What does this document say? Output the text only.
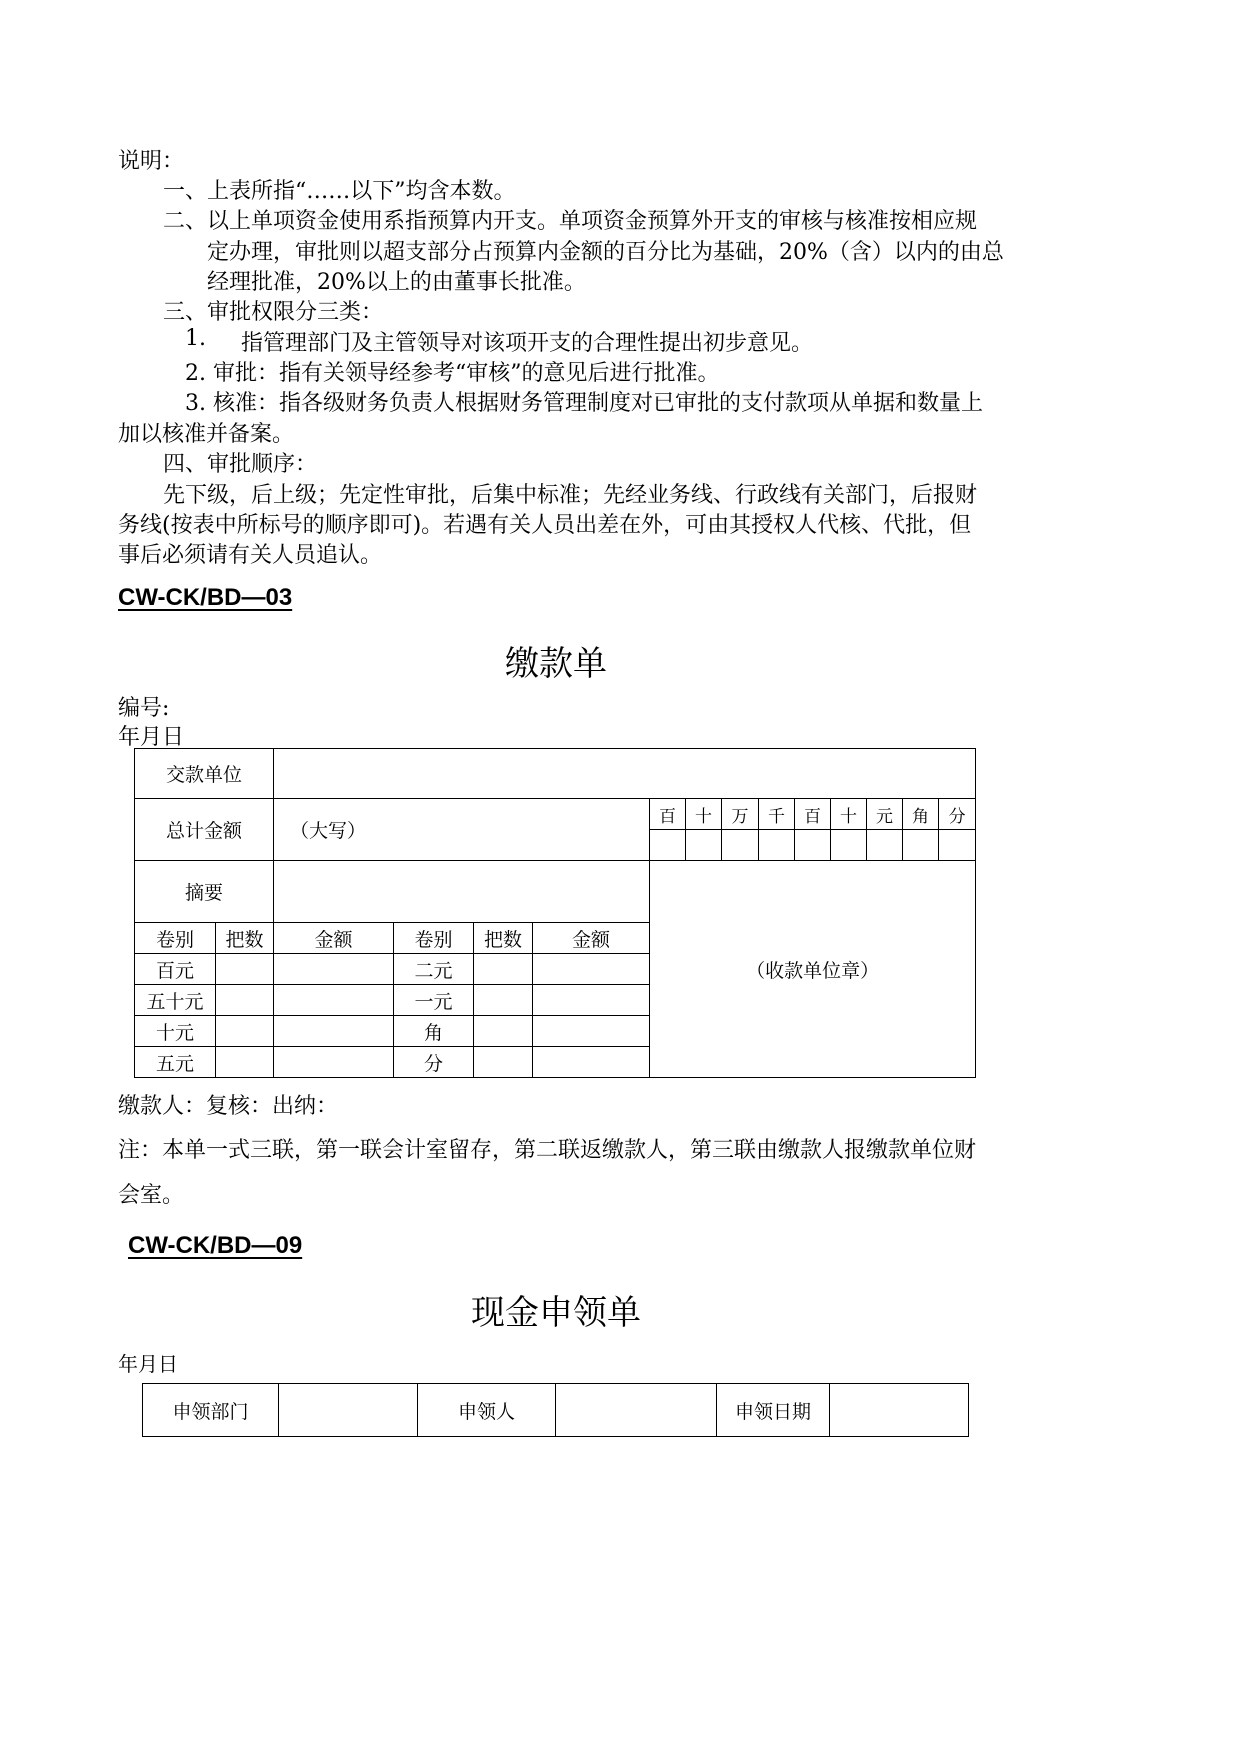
说明：
一、上表所指“……以下”均含本数。
二、以上单项资金使用系指预算内开支。单项资金预算外开支的审核与核准按相应规
定办理，审批则以超支部分占预算内金额的百分比为基础，20%（含）以内的由总
经理批准，20%以上的由董事长批准。
三、审批权限分三类：
1. 指管理部门及主管领导对该项开支的合理性提出初步意见。
2. 审批：指有关领导经参考“审核”的意见后进行批准。
3. 核准：指各级财务负责人根据财务管理制度对已审批的支付款项从单据和数量上
加以核准并备案。
四、审批顺序：
先下级，后上级；先定性审批，后集中标准；先经业务线、行政线有关部门，后报财
务线(按表中所标号的顺序即可)。若遇有关人员出差在外，可由其授权人代核、代批，但
事后必须请有关人员追认。
CW-CK/BD—03
缴款单
编号:
年月日
交款单位														
总计金额		（大写）				百	十	万	千	百	十	元	角	分

摘要						（收款单位章）								
卷别	把数	金额	卷别	把数	金额									
百元			二元											
五十元			一元											
十元			角											
五元			分											
缴款人：复核：出纳：
注：本单一式三联，第一联会计室留存，第二联返缴款人，第三联由缴款人报缴款单位财
会室。
CW-CK/BD—09
现金申领单
年月日
申领部门		申领人		申领日期	
